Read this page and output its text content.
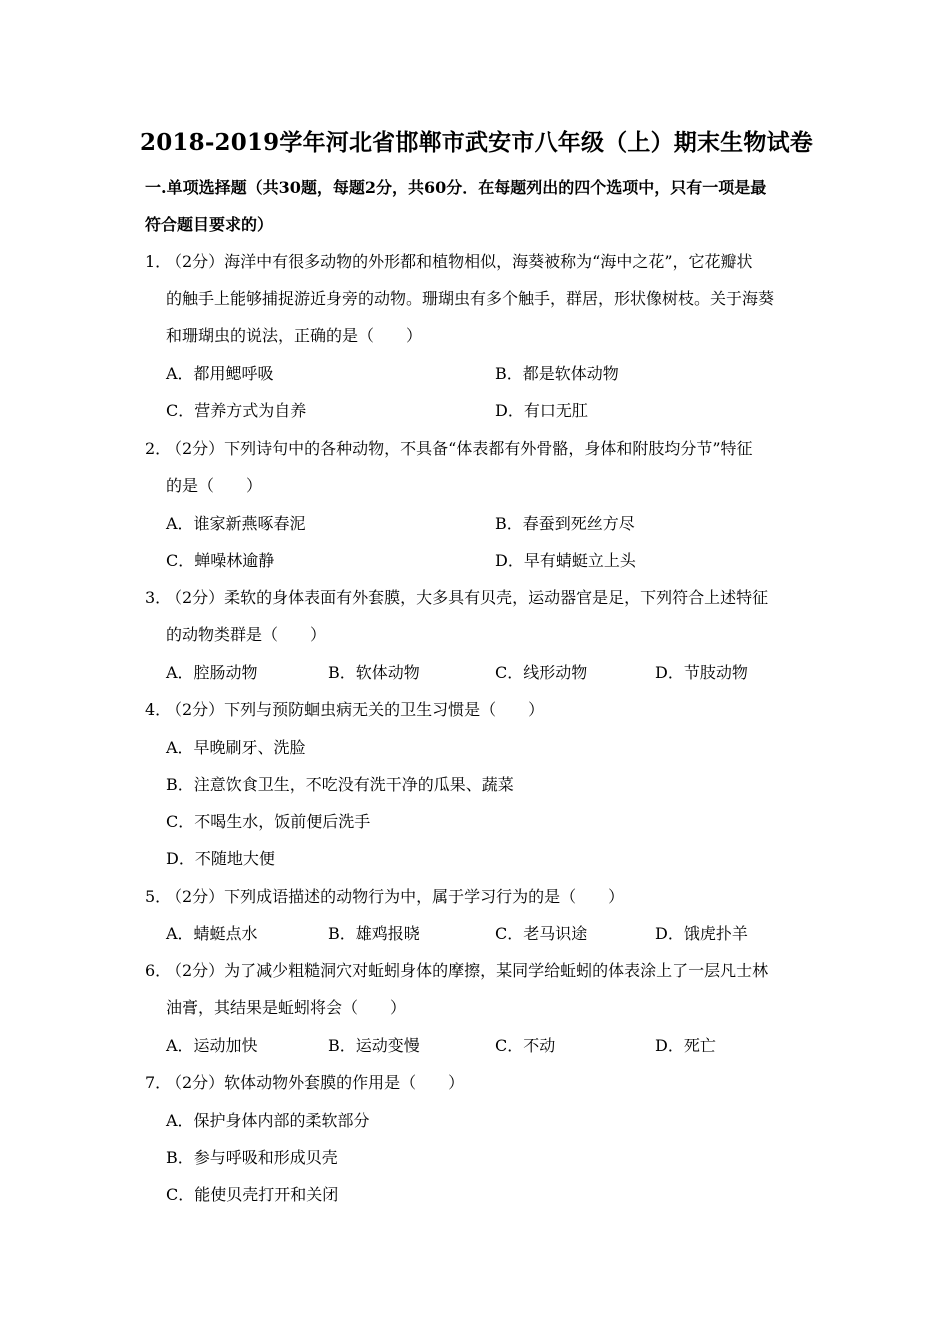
2018-2019学年河北省邯郸市武安市八年级（上）期末生物试卷
一.单项选择题（共30题，每题2分，共60分．在每题列出的四个选项中，只有一项是最
符合题目要求的）
1．
（2分）海洋中有很多动物的外形都和植物相似，海葵被称为“海中之花”，它花瓣状
的触手上能够捕捉游近身旁的动物。珊瑚虫有多个触手，群居，形状像树枝。关于海葵
和珊瑚虫的说法，正确的是（　　）
A．都用鳃呼吸	B．都是软体动物
C．营养方式为自养	D．有口无肛
2．
（2分）下列诗句中的各种动物，不具备“体表都有外骨骼，身体和附肢均分节”特征
的是（　　）
A．谁家新燕啄春泥	B．春蚕到死丝方尽
C．蝉噪林逾静	D．早有蜻蜓立上头
3．
（2分）柔软的身体表面有外套膜，大多具有贝壳，运动器官是足，下列符合上述特征
的动物类群是（　　）
A．腔肠动物	B．软体动物	C．线形动物	D．节肢动物
4．
（2分）下列与预防蛔虫病无关的卫生习惯是（　　）
A．早晚刷牙、洗脸
B．注意饮食卫生，不吃没有洗干净的瓜果、蔬菜
C．不喝生水，饭前便后洗手
D．不随地大便
5．
（2分）下列成语描述的动物行为中，属于学习行为的是（　　）
A．蜻蜓点水	B．雄鸡报晓	C．老马识途	D．饿虎扑羊
6．
（2分）为了减少粗糙洞穴对蚯蚓身体的摩擦，某同学给蚯蚓的体表涂上了一层凡士林
油膏，其结果是蚯蚓将会（　　）
A．运动加快	B．运动变慢	C．不动	D．死亡
7．
（2分）软体动物外套膜的作用是（　　）
A．保护身体内部的柔软部分
B．参与呼吸和形成贝壳
C．能使贝壳打开和关闭
